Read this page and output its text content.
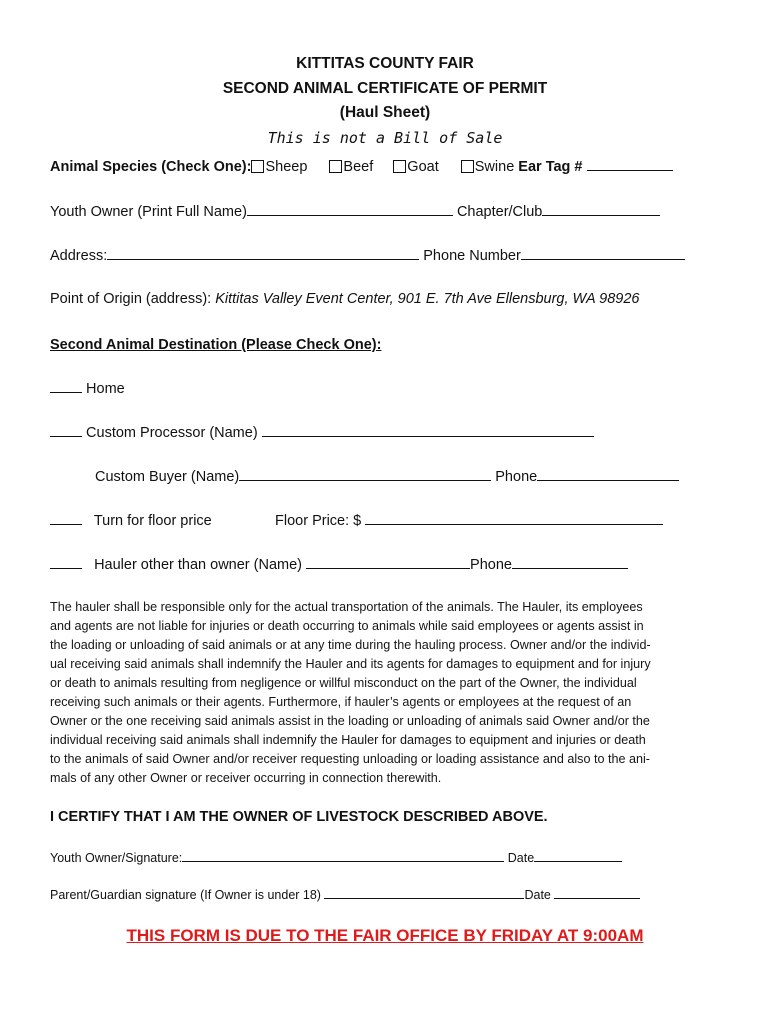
KITTITAS COUNTY FAIR
SECOND ANIMAL CERTIFICATE OF PERMIT
(Haul Sheet)
This is not a Bill of Sale
Animal Species (Check One): Sheep Beef Goat Swine Ear Tag #
Youth Owner (Print Full Name)	Chapter/Club
Address:	Phone Number
Point of Origin (address): Kittitas Valley Event Center, 901 E. 7th Ave Ellensburg, WA 98926
Second Animal Destination (Please Check One):
Home
Custom Processor (Name)
Custom Buyer (Name)	Phone
Turn for floor price	Floor Price: $
Hauler other than owner (Name)	Phone
The hauler shall be responsible only for the actual transportation of the animals. The Hauler, its employees
and agents are not liable for injuries or death occurring to animals while said employees or agents assist in
the loading or unloading of said animals or at any time during the hauling process. Owner and/or the individ-
ual receiving said animals shall indemnify the Hauler and its agents for damages to equipment and for injury
or death to animals resulting from negligence or willful misconduct on the part of the Owner, the individual
receiving such animals or their agents. Furthermore, if hauler’s agents or employees at the request of an
Owner or the one receiving said animals assist in the loading or unloading of animals said Owner and/or the
individual receiving said animals shall indemnify the Hauler for damages to equipment and injuries or death
to the animals of said Owner and/or receiver requesting unloading or loading assistance and also to the ani-
mals of any other Owner or receiver occurring in connection therewith.
I CERTIFY THAT I AM THE OWNER OF LIVESTOCK DESCRIBED ABOVE.
Youth Owner/Signature:	Date
Parent/Guardian signature (If Owner is under 18)	Date
THIS FORM IS DUE TO THE FAIR OFFICE BY FRIDAY AT 9:00AM
